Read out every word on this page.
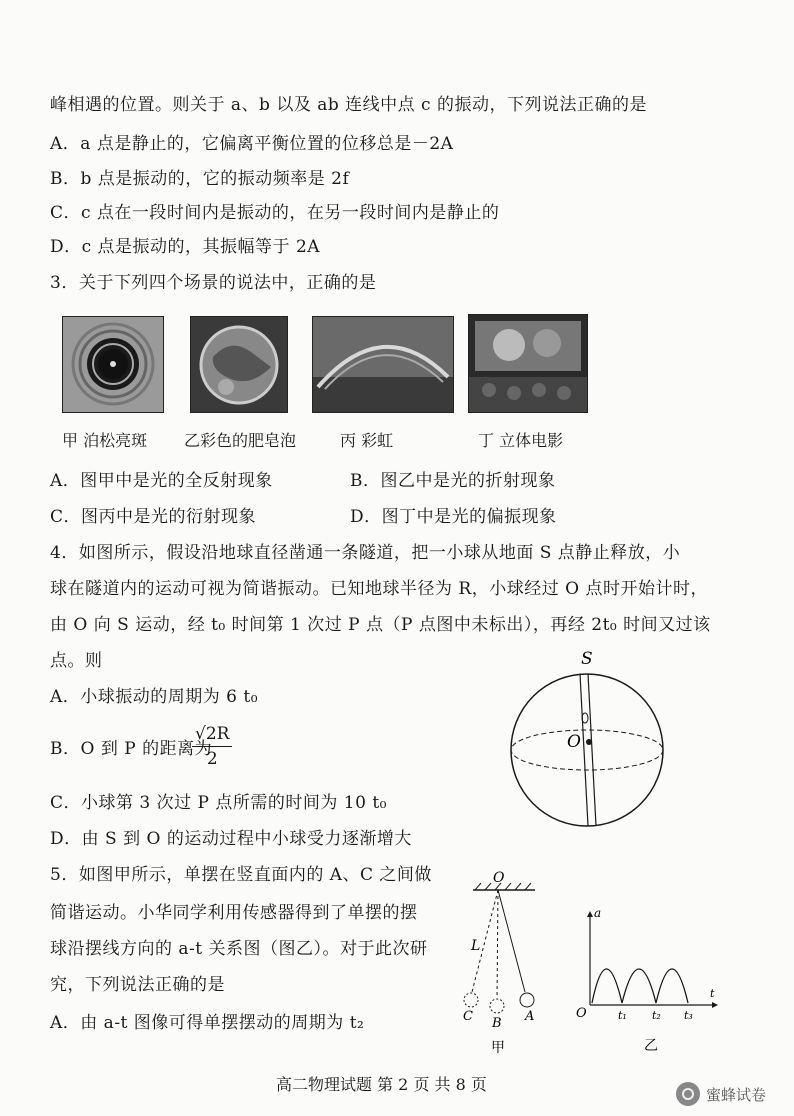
峰相遇的位置。则关于 a、b 以及 ab 连线中点 c 的振动，下列说法正确的是
A．a 点是静止的，它偏离平衡位置的位移总是－2A
B．b 点是振动的，它的振动频率是 2f
C．c 点在一段时间内是振动的，在另一段时间内是静止的
D．c 点是振动的，其振幅等于 2A
3．关于下列四个场景的说法中，正确的是
甲 泊松亮斑 乙彩色的肥皂泡	丙 彩虹	丁 立体电影
A．图甲中是光的全反射现象	B．图乙中是光的折射现象
C．图丙中是光的衍射现象	D．图丁中是光的偏振现象
4．如图所示，假设沿地球直径凿通一条隧道，把一小球从地面 S 点静止释放，小
球在隧道内的运动可视为简谐振动。已知地球半径为 R，小球经过 O 点时开始计时，
由 O 向 S 运动，经 t₀ 时间第 1 次过 P 点（P 点图中未标出），再经 2t₀ 时间又过该
点。则
A．小球振动的周期为 6 t₀
B．O 到 P 的距离为
$\frac{√2R}{2}$
C．小球第 3 次过 P 点所需的时间为 10 t₀
D．由 S 到 O 的运动过程中小球受力逐渐增大
S
O
5．如图甲所示，单摆在竖直面内的 A、C 之间做
简谐运动。小华同学利用传感器得到了单摆的摆
球沿摆线方向的 a-t 关系图（图乙）。对于此次研
究，下列说法正确的是
A．由 a-t 图像可得单摆摆动的周期为 t₂
O
L
C B A
甲
a
O
t
t₁ t₂ t₃
乙
高二物理试题 第 2 页 共 8 页
蜜蜂试卷
